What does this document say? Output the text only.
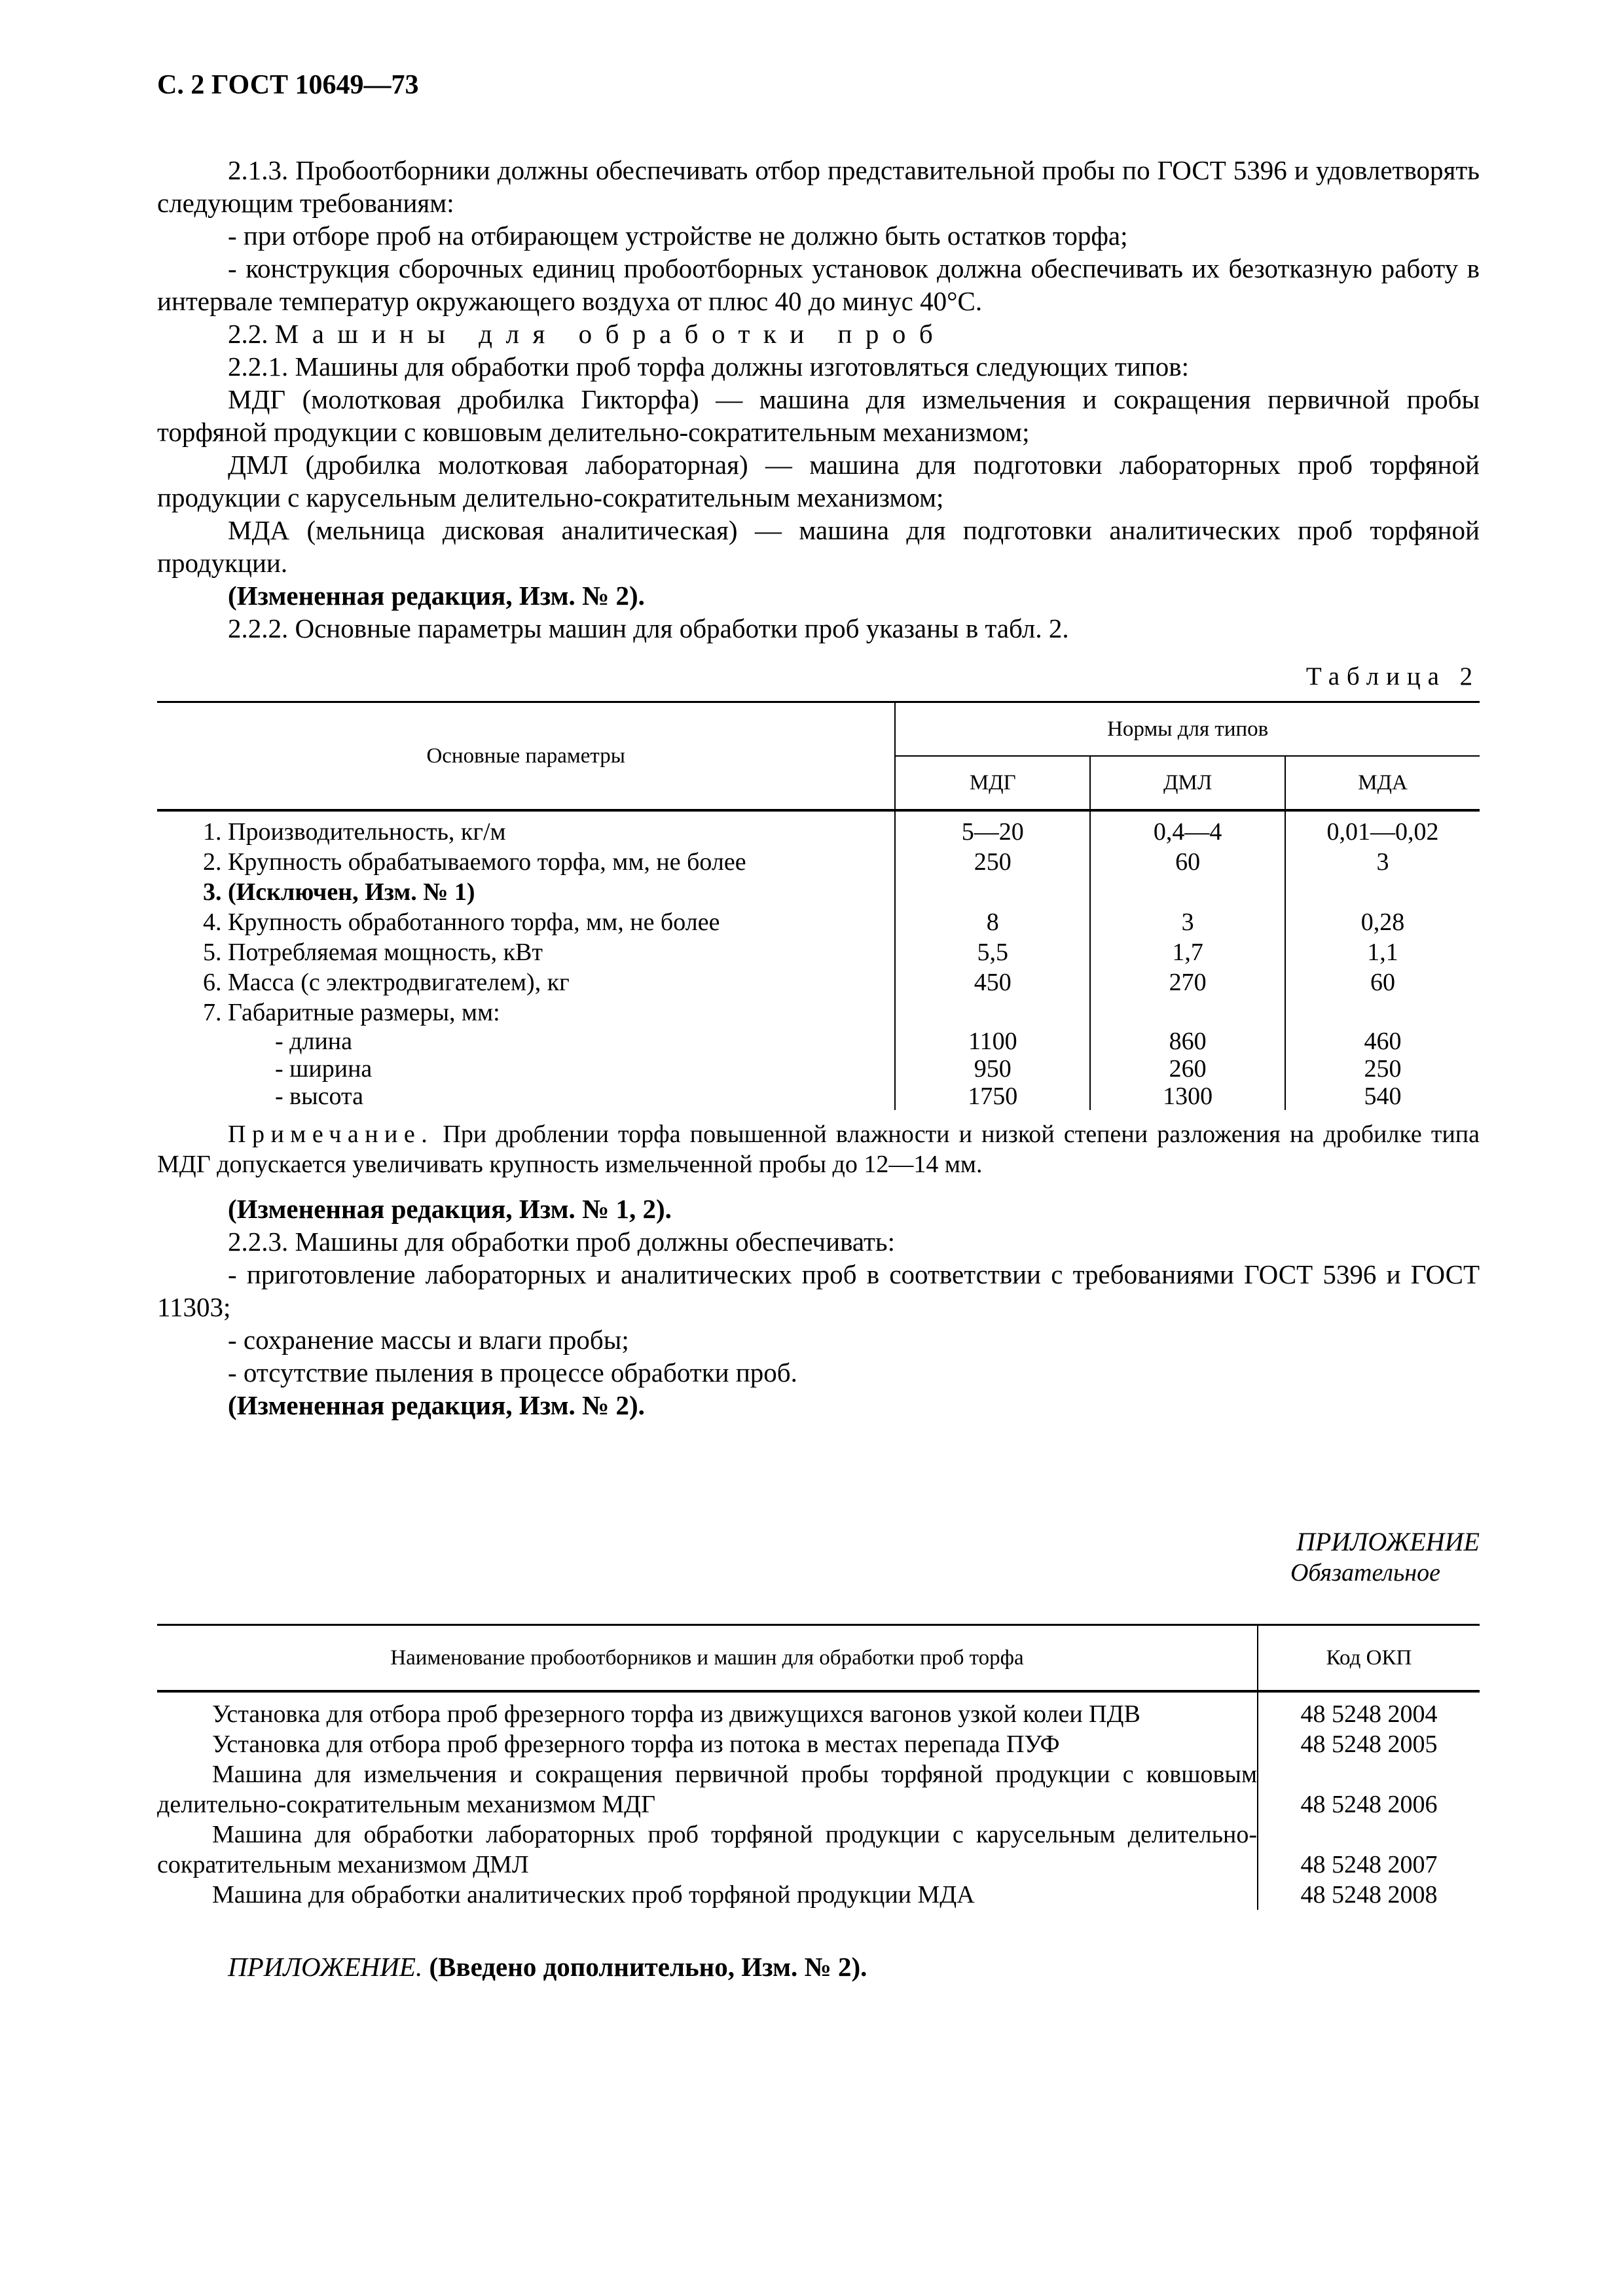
С. 2 ГОСТ 10649—73

2.1.3. Пробоотборники должны обеспечивать отбор представительной пробы по ГОСТ 5396 и удовлетворять следующим требованиям:

- при отборе проб на отбирающем устройстве не должно быть остатков торфа;

- конструкция сборочных единиц пробоотборных установок должна обеспечивать их безотказную работу в интервале температур окружающего воздуха от плюс 40 до минус 40°С.

2.2. Машины для обработки проб

2.2.1. Машины для обработки проб торфа должны изготовляться следующих типов:

МДГ (молотковая дробилка Гикторфа) — машина для измельчения и сокращения первичной пробы торфяной продукции с ковшовым делительно-сократительным механизмом;

ДМЛ (дробилка молотковая лабораторная) — машина для подготовки лабораторных проб торфяной продукции с карусельным делительно-сократительным механизмом;

МДА (мельница дисковая аналитическая) — машина для подготовки аналитических проб торфяной продукции.

(Измененная редакция, Изм. № 2).

2.2.2. Основные параметры машин для обработки проб указаны в табл. 2.

Таблица 2
Основные параметры	Нормы для типов		
	МДГ	ДМЛ	МДА
1. Производительность, кг/м	5—20	0,4—4	0,01—0,02
2. Крупность обрабатываемого торфа, мм, не более	250	60	3
3. (Исключен, Изм. № 1)			
4. Крупность обработанного торфа, мм, не более	8	3	0,28
5. Потребляемая мощность, кВт	5,5	1,7	1,1
6. Масса (с электродвигателем), кг	450	270	60
7. Габаритные размеры, мм:			
- длина	1100	860	460
- ширина	950	260	250
- высота	1750	1300	540

Примечание. При дроблении торфа повышенной влажности и низкой степени разложения на дробилке типа МДГ допускается увеличивать крупность измельченной пробы до 12—14 мм.

(Измененная редакция, Изм. № 1, 2).

2.2.3. Машины для обработки проб должны обеспечивать:

- приготовление лабораторных и аналитических проб в соответствии с требованиями ГОСТ 5396 и ГОСТ 11303;

- сохранение массы и влаги пробы;

- отсутствие пыления в процессе обработки проб.

(Измененная редакция, Изм. № 2).

ПРИЛОЖЕНИЕ
Обязательное
Наименование пробоотборников и машин для обработки проб торфа	Код ОКП

Установка для отбора проб фрезерного торфа из движущихся вагонов узкой колеи ПДВ	48 5248 2004

Установка для отбора проб фрезерного торфа из потока в местах перепада ПУФ	48 5248 2005

Машина для измельчения и сокращения первичной пробы торфяной продукции с ковшовым делительно-сократительным механизмом МДГ	48 5248 2006

Машина для обработки лабораторных проб торфяной продукции с карусельным делительно-сократительным механизмом ДМЛ	48 5248 2007

Машина для обработки аналитических проб торфяной продукции МДА	48 5248 2008

ПРИЛОЖЕНИЕ. (Введено дополнительно, Изм. № 2).
